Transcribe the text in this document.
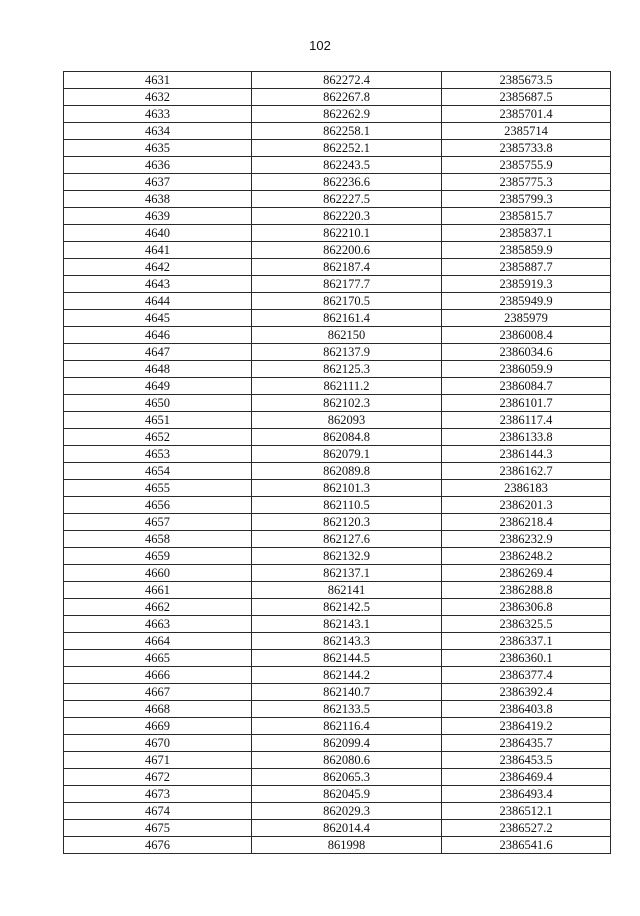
102
4631	862272.4	2385673.5
4632	862267.8	2385687.5
4633	862262.9	2385701.4
4634	862258.1	2385714
4635	862252.1	2385733.8
4636	862243.5	2385755.9
4637	862236.6	2385775.3
4638	862227.5	2385799.3
4639	862220.3	2385815.7
4640	862210.1	2385837.1
4641	862200.6	2385859.9
4642	862187.4	2385887.7
4643	862177.7	2385919.3
4644	862170.5	2385949.9
4645	862161.4	2385979
4646	862150	2386008.4
4647	862137.9	2386034.6
4648	862125.3	2386059.9
4649	862111.2	2386084.7
4650	862102.3	2386101.7
4651	862093	2386117.4
4652	862084.8	2386133.8
4653	862079.1	2386144.3
4654	862089.8	2386162.7
4655	862101.3	2386183
4656	862110.5	2386201.3
4657	862120.3	2386218.4
4658	862127.6	2386232.9
4659	862132.9	2386248.2
4660	862137.1	2386269.4
4661	862141	2386288.8
4662	862142.5	2386306.8
4663	862143.1	2386325.5
4664	862143.3	2386337.1
4665	862144.5	2386360.1
4666	862144.2	2386377.4
4667	862140.7	2386392.4
4668	862133.5	2386403.8
4669	862116.4	2386419.2
4670	862099.4	2386435.7
4671	862080.6	2386453.5
4672	862065.3	2386469.4
4673	862045.9	2386493.4
4674	862029.3	2386512.1
4675	862014.4	2386527.2
4676	861998	2386541.6
